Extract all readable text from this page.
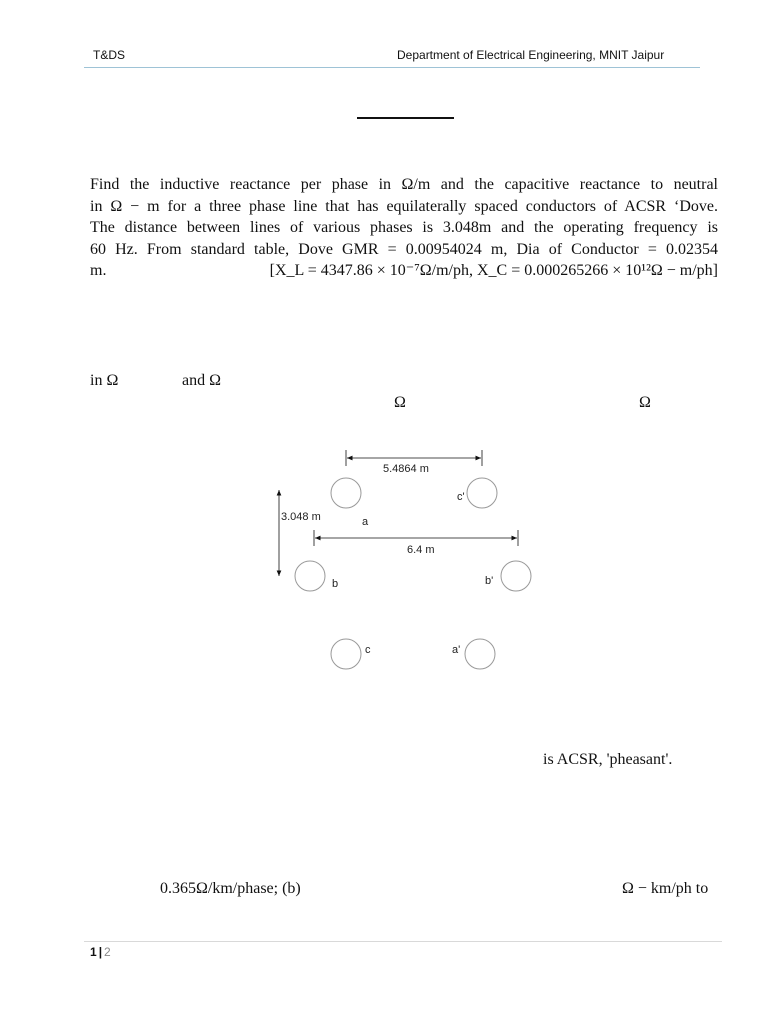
T&DS	Department of Electrical Engineering, MNIT Jaipur
Find the inductive reactance per phase in Ω/m and the capacitive reactance to neutral
in Ω − m for a three phase line that has equilaterally spaced conductors of ACSR ‘Dove.
The distance between lines of various phases is 3.048m and the operating frequency is
60 Hz. From standard table, Dove GMR = 0.00954024 m, Dia of Conductor = 0.02354
m.	[X_L = 4347.86 × 10⁻⁷Ω/m/ph, X_C = 0.000265266 × 10¹²Ω − m/ph]
in Ω	and Ω
Ω	Ω
5.4864 m
3.048 m
6.4 m
a
c'
b	b'
c	a'
is ACSR, 'pheasant'.
0.365Ω/km/phase; (b)	Ω − km/ph to
1 | 2
